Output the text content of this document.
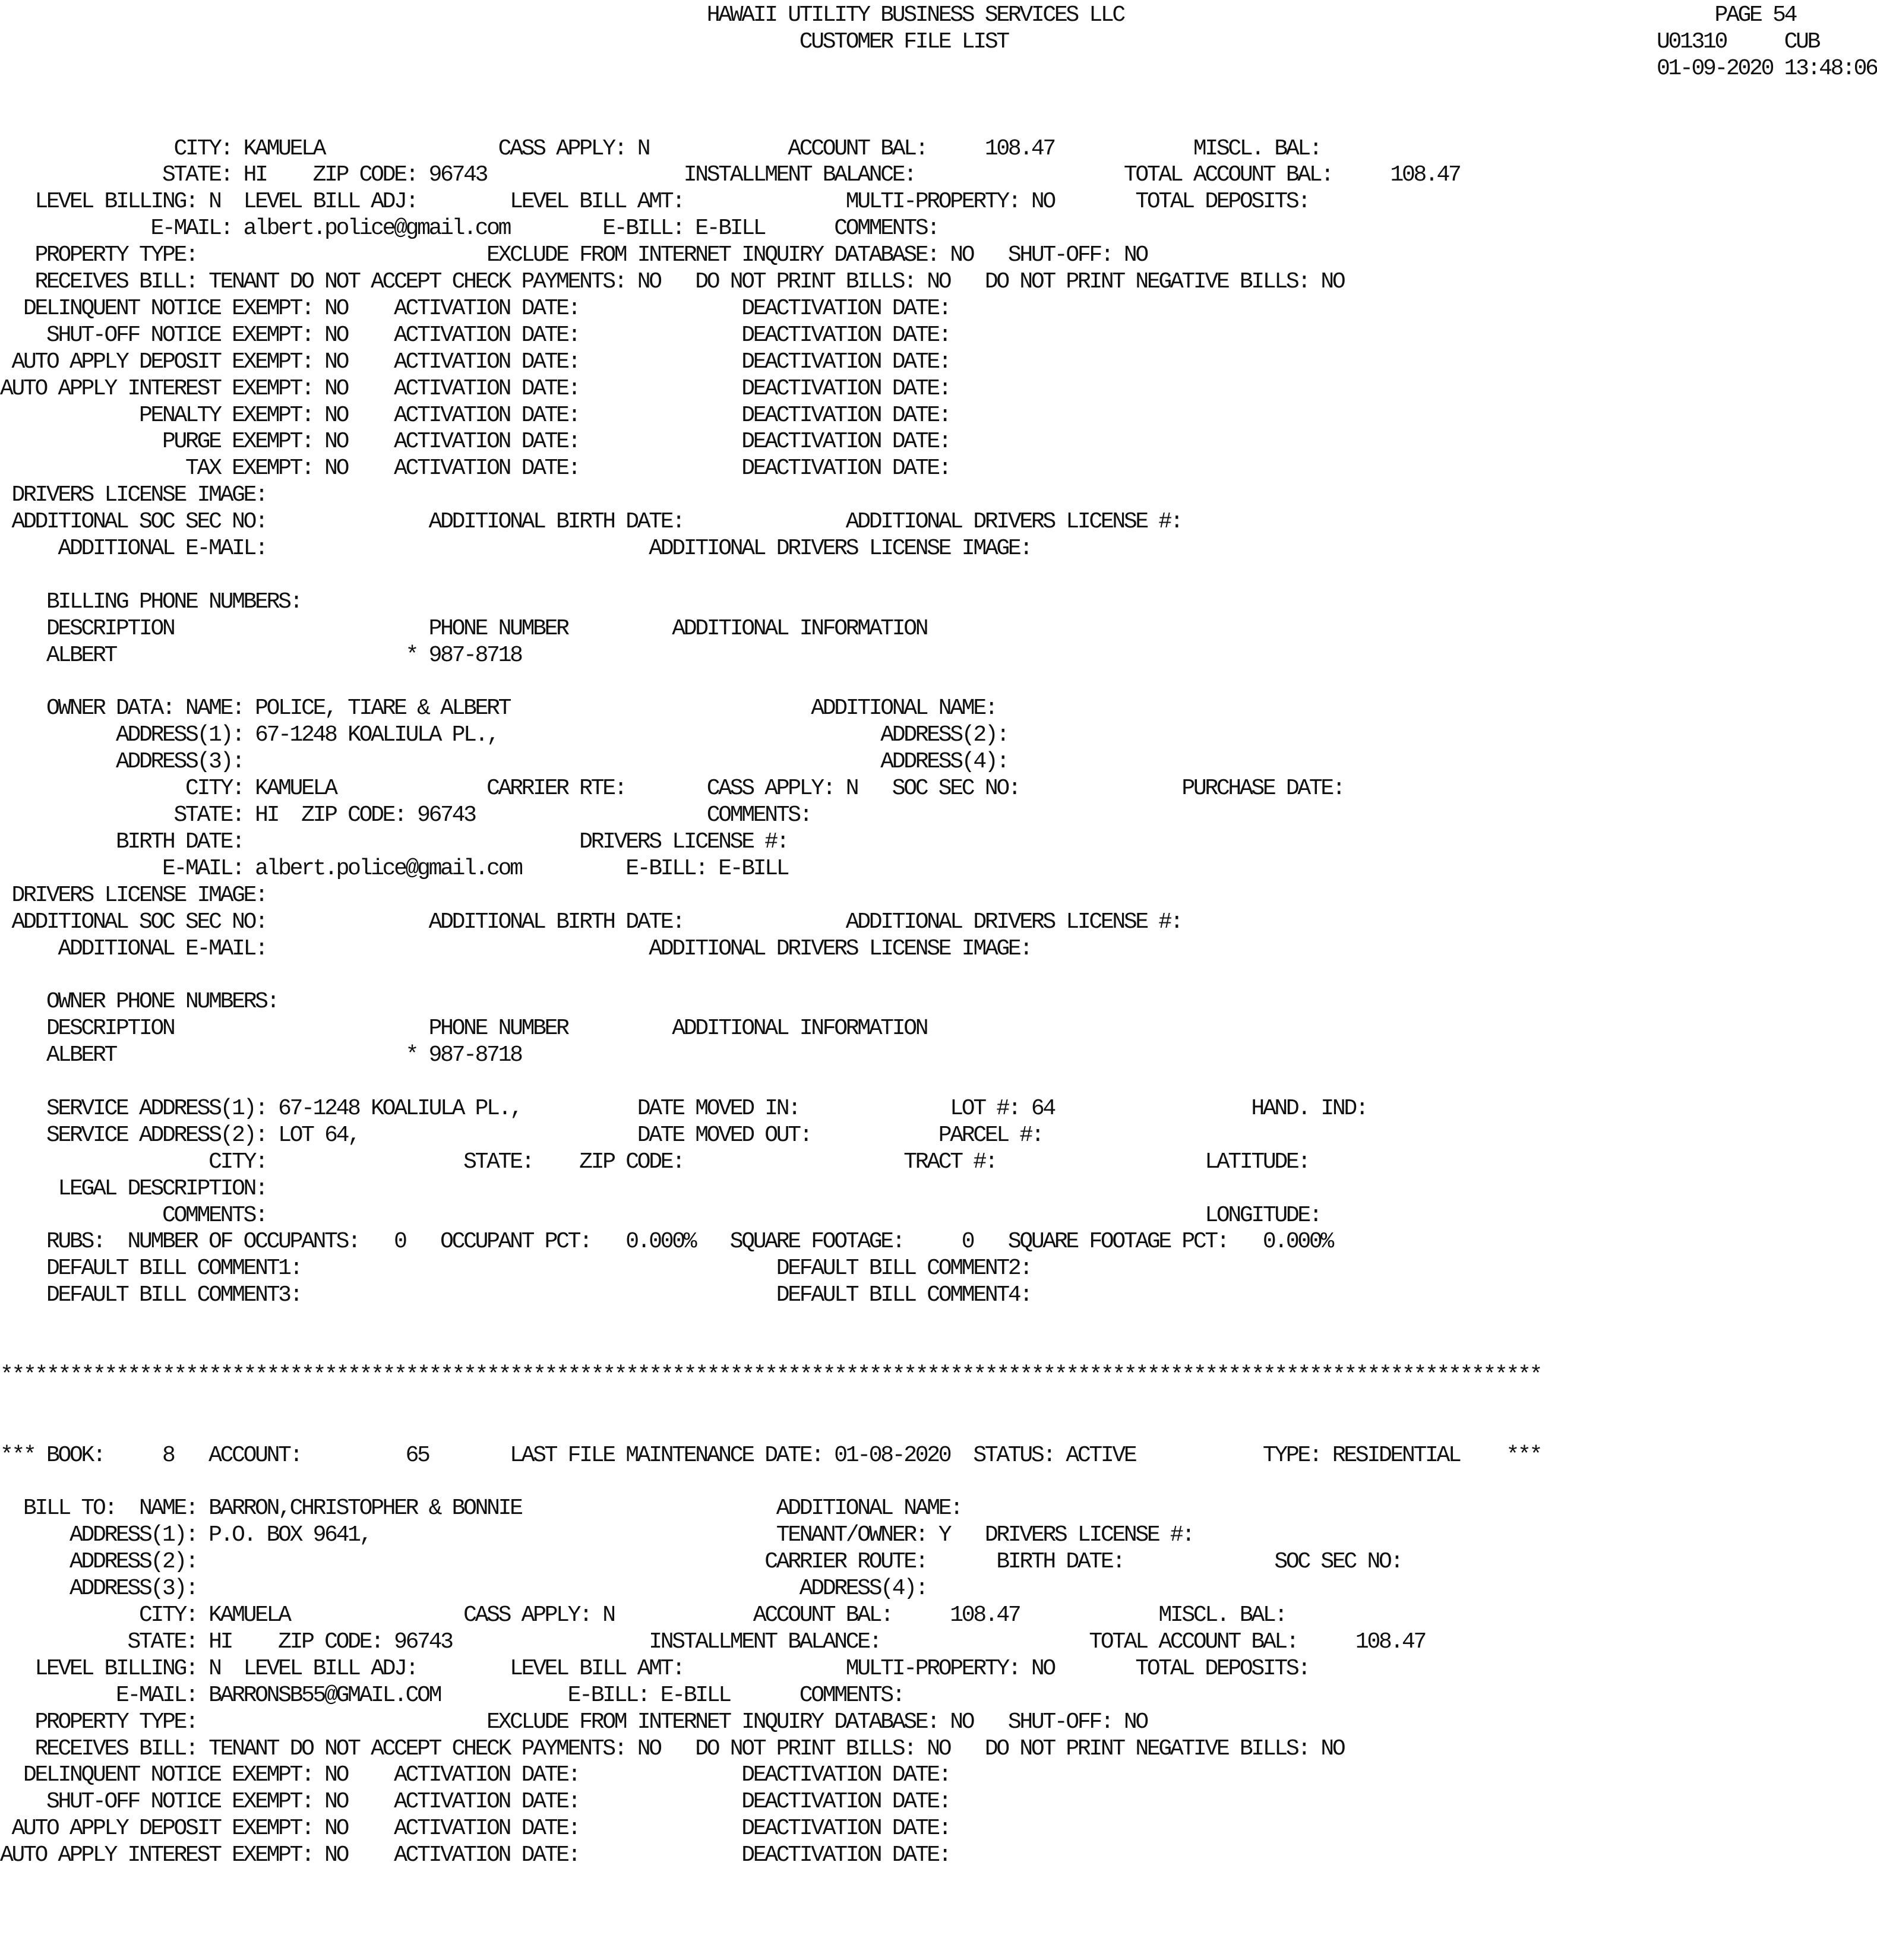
HAWAII UTILITY BUSINESS SERVICES LLC                                                   PAGE 54
CUSTOMER FILE LIST                                                        U01310     CUB
01-09-2020 13:48:06
CITY: KAMUELA               CASS APPLY: N            ACCOUNT BAL:     108.47            MISCL. BAL:
STATE: HI    ZIP CODE: 96743                 INSTALLMENT BALANCE:                  TOTAL ACCOUNT BAL:     108.47
LEVEL BILLING: N  LEVEL BILL ADJ:        LEVEL BILL AMT:              MULTI-PROPERTY: NO       TOTAL DEPOSITS:
E-MAIL: albert.police@gmail.com        E-BILL: E-BILL      COMMENTS:
PROPERTY TYPE:                         EXCLUDE FROM INTERNET INQUIRY DATABASE: NO   SHUT-OFF: NO
RECEIVES BILL: TENANT DO NOT ACCEPT CHECK PAYMENTS: NO   DO NOT PRINT BILLS: NO   DO NOT PRINT NEGATIVE BILLS: NO
DELINQUENT NOTICE EXEMPT: NO    ACTIVATION DATE:              DEACTIVATION DATE:
SHUT-OFF NOTICE EXEMPT: NO    ACTIVATION DATE:              DEACTIVATION DATE:
AUTO APPLY DEPOSIT EXEMPT: NO    ACTIVATION DATE:              DEACTIVATION DATE:
AUTO APPLY INTEREST EXEMPT: NO    ACTIVATION DATE:              DEACTIVATION DATE:
PENALTY EXEMPT: NO    ACTIVATION DATE:              DEACTIVATION DATE:
PURGE EXEMPT: NO    ACTIVATION DATE:              DEACTIVATION DATE:
TAX EXEMPT: NO    ACTIVATION DATE:              DEACTIVATION DATE:
DRIVERS LICENSE IMAGE:
ADDITIONAL SOC SEC NO:              ADDITIONAL BIRTH DATE:              ADDITIONAL DRIVERS LICENSE #:
ADDITIONAL E-MAIL:                                 ADDITIONAL DRIVERS LICENSE IMAGE:
BILLING PHONE NUMBERS:
DESCRIPTION                      PHONE NUMBER         ADDITIONAL INFORMATION
ALBERT                         * 987-8718
OWNER DATA: NAME: POLICE, TIARE & ALBERT                          ADDITIONAL NAME:
ADDRESS(1): 67-1248 KOALIULA PL.,                                 ADDRESS(2):
ADDRESS(3):                                                       ADDRESS(4):
CITY: KAMUELA             CARRIER RTE:       CASS APPLY: N   SOC SEC NO:              PURCHASE DATE:
STATE: HI  ZIP CODE: 96743                    COMMENTS:
BIRTH DATE:                             DRIVERS LICENSE #:
E-MAIL: albert.police@gmail.com         E-BILL: E-BILL
DRIVERS LICENSE IMAGE:
ADDITIONAL SOC SEC NO:              ADDITIONAL BIRTH DATE:              ADDITIONAL DRIVERS LICENSE #:
ADDITIONAL E-MAIL:                                 ADDITIONAL DRIVERS LICENSE IMAGE:
OWNER PHONE NUMBERS:
DESCRIPTION                      PHONE NUMBER         ADDITIONAL INFORMATION
ALBERT                         * 987-8718
SERVICE ADDRESS(1): 67-1248 KOALIULA PL.,          DATE MOVED IN:             LOT #: 64                 HAND. IND:
SERVICE ADDRESS(2): LOT 64,                        DATE MOVED OUT:           PARCEL #:
CITY:                 STATE:    ZIP CODE:                   TRACT #:                  LATITUDE:
LEGAL DESCRIPTION:
COMMENTS:                                                                                 LONGITUDE:
RUBS:  NUMBER OF OCCUPANTS:   0   OCCUPANT PCT:   0.000%   SQUARE FOOTAGE:     0   SQUARE FOOTAGE PCT:   0.000%
DEFAULT BILL COMMENT1:                                         DEFAULT BILL COMMENT2:
DEFAULT BILL COMMENT3:                                         DEFAULT BILL COMMENT4:
*************************************************************************************************************************************
*** BOOK:     8   ACCOUNT:         65       LAST FILE MAINTENANCE DATE: 01-08-2020  STATUS: ACTIVE           TYPE: RESIDENTIAL    ***
BILL TO:  NAME: BARRON,CHRISTOPHER & BONNIE                      ADDITIONAL NAME:
ADDRESS(1): P.O. BOX 9641,                                   TENANT/OWNER: Y   DRIVERS LICENSE #:
ADDRESS(2):                                                 CARRIER ROUTE:      BIRTH DATE:             SOC SEC NO:
ADDRESS(3):                                                    ADDRESS(4):
CITY: KAMUELA               CASS APPLY: N            ACCOUNT BAL:     108.47            MISCL. BAL:
STATE: HI    ZIP CODE: 96743                 INSTALLMENT BALANCE:                  TOTAL ACCOUNT BAL:     108.47
LEVEL BILLING: N  LEVEL BILL ADJ:        LEVEL BILL AMT:              MULTI-PROPERTY: NO       TOTAL DEPOSITS:
E-MAIL: BARRONSB55@GMAIL.COM           E-BILL: E-BILL      COMMENTS:
PROPERTY TYPE:                         EXCLUDE FROM INTERNET INQUIRY DATABASE: NO   SHUT-OFF: NO
RECEIVES BILL: TENANT DO NOT ACCEPT CHECK PAYMENTS: NO   DO NOT PRINT BILLS: NO   DO NOT PRINT NEGATIVE BILLS: NO
DELINQUENT NOTICE EXEMPT: NO    ACTIVATION DATE:              DEACTIVATION DATE:
SHUT-OFF NOTICE EXEMPT: NO    ACTIVATION DATE:              DEACTIVATION DATE:
AUTO APPLY DEPOSIT EXEMPT: NO    ACTIVATION DATE:              DEACTIVATION DATE:
AUTO APPLY INTEREST EXEMPT: NO    ACTIVATION DATE:              DEACTIVATION DATE:
